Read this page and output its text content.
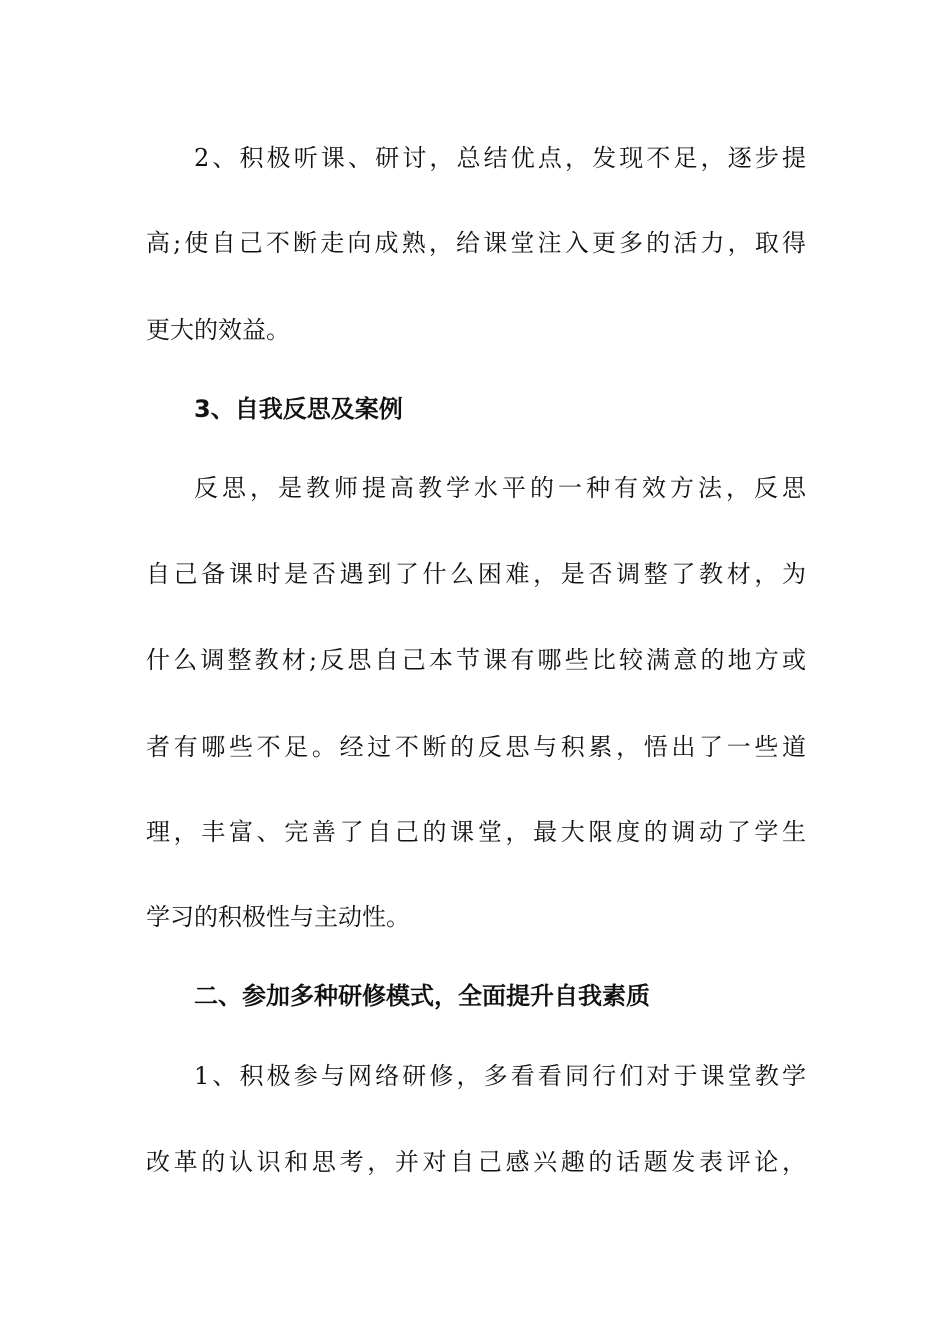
2、积极听课、研讨，总结优点，发现不足，逐步提
高;使自己不断走向成熟，给课堂注入更多的活力，取得
更大的效益。
3、自我反思及案例
反思，是教师提高教学水平的一种有效方法，反思
自己备课时是否遇到了什么困难，是否调整了教材，为
什么调整教材;反思自己本节课有哪些比较满意的地方或
者有哪些不足。经过不断的反思与积累，悟出了一些道
理，丰富、完善了自己的课堂，最大限度的调动了学生
学习的积极性与主动性。
二、参加多种研修模式，全面提升自我素质
1、积极参与网络研修，多看看同行们对于课堂教学
改革的认识和思考，并对自己感兴趣的话题发表评论，
